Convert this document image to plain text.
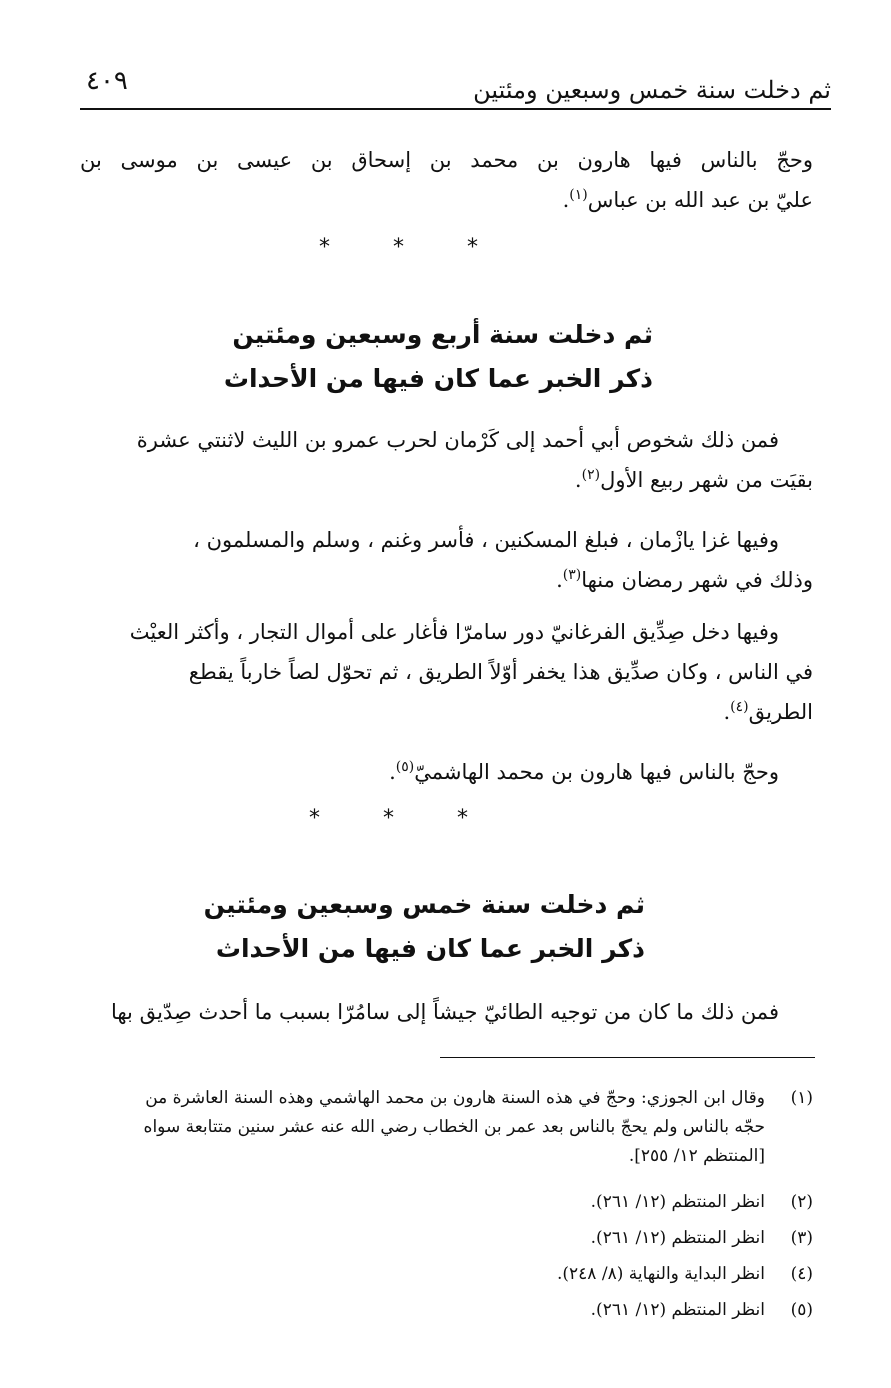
ثم دخلت سنة خمس وسبعين ومئتين
٤٠٩
وحجّ بالناس فيها هارون بن محمد بن إسحاق بن عيسى بن موسى بن
عليّ بن عبد الله بن عباس$^{(١)}$.
* * *
ثم دخلت سنة أربع وسبعين ومئتين
ذكر الخبر عما كان فيها من الأحداث
فمن ذلك شخوص أبي أحمد إلى كَرْمان لحرب عمرو بن الليث لاثنتي عشرة
بقيَت من شهر ربيع الأول$^{(٢)}$.
وفيها غزا يازْمان ، فبلغ المسكنين ، فأسر وغنم ، وسلم والمسلمون ،
وذلك في شهر رمضان منها$^{(٣)}$.
وفيها دخل صِدِّيق الفرغانيّ دور سامرّا فأغار على أموال التجار ، وأكثر العيْث
في الناس ، وكان صدِّيق هذا يخفر أوّلاً الطريق ، ثم تحوّل لصاً خارباً يقطع
الطريق$^{(٤)}$.
وحجّ بالناس فيها هارون بن محمد الهاشميّ$^{(٥)}$.
* * *
ثم دخلت سنة خمس وسبعين ومئتين
ذكر الخبر عما كان فيها من الأحداث
فمن ذلك ما كان من توجيه الطائيّ جيشاً إلى سامُرّا بسبب ما أحدث صِدّيق بها
(١)
وقال ابن الجوزي: وحجّ في هذه السنة هارون بن محمد الهاشمي وهذه السنة العاشرة من
حجّه بالناس ولم يحجّ بالناس بعد عمر بن الخطاب رضي الله عنه عشر سنين متتابعة سواه
[المنتظم ١٢/ ٢٥٥].
(٢)
انظر المنتظم (١٢/ ٢٦١).
(٣)
انظر المنتظم (١٢/ ٢٦١).
(٤)
انظر البداية والنهاية (٨/ ٢٤٨).
(٥)
انظر المنتظم (١٢/ ٢٦١).
